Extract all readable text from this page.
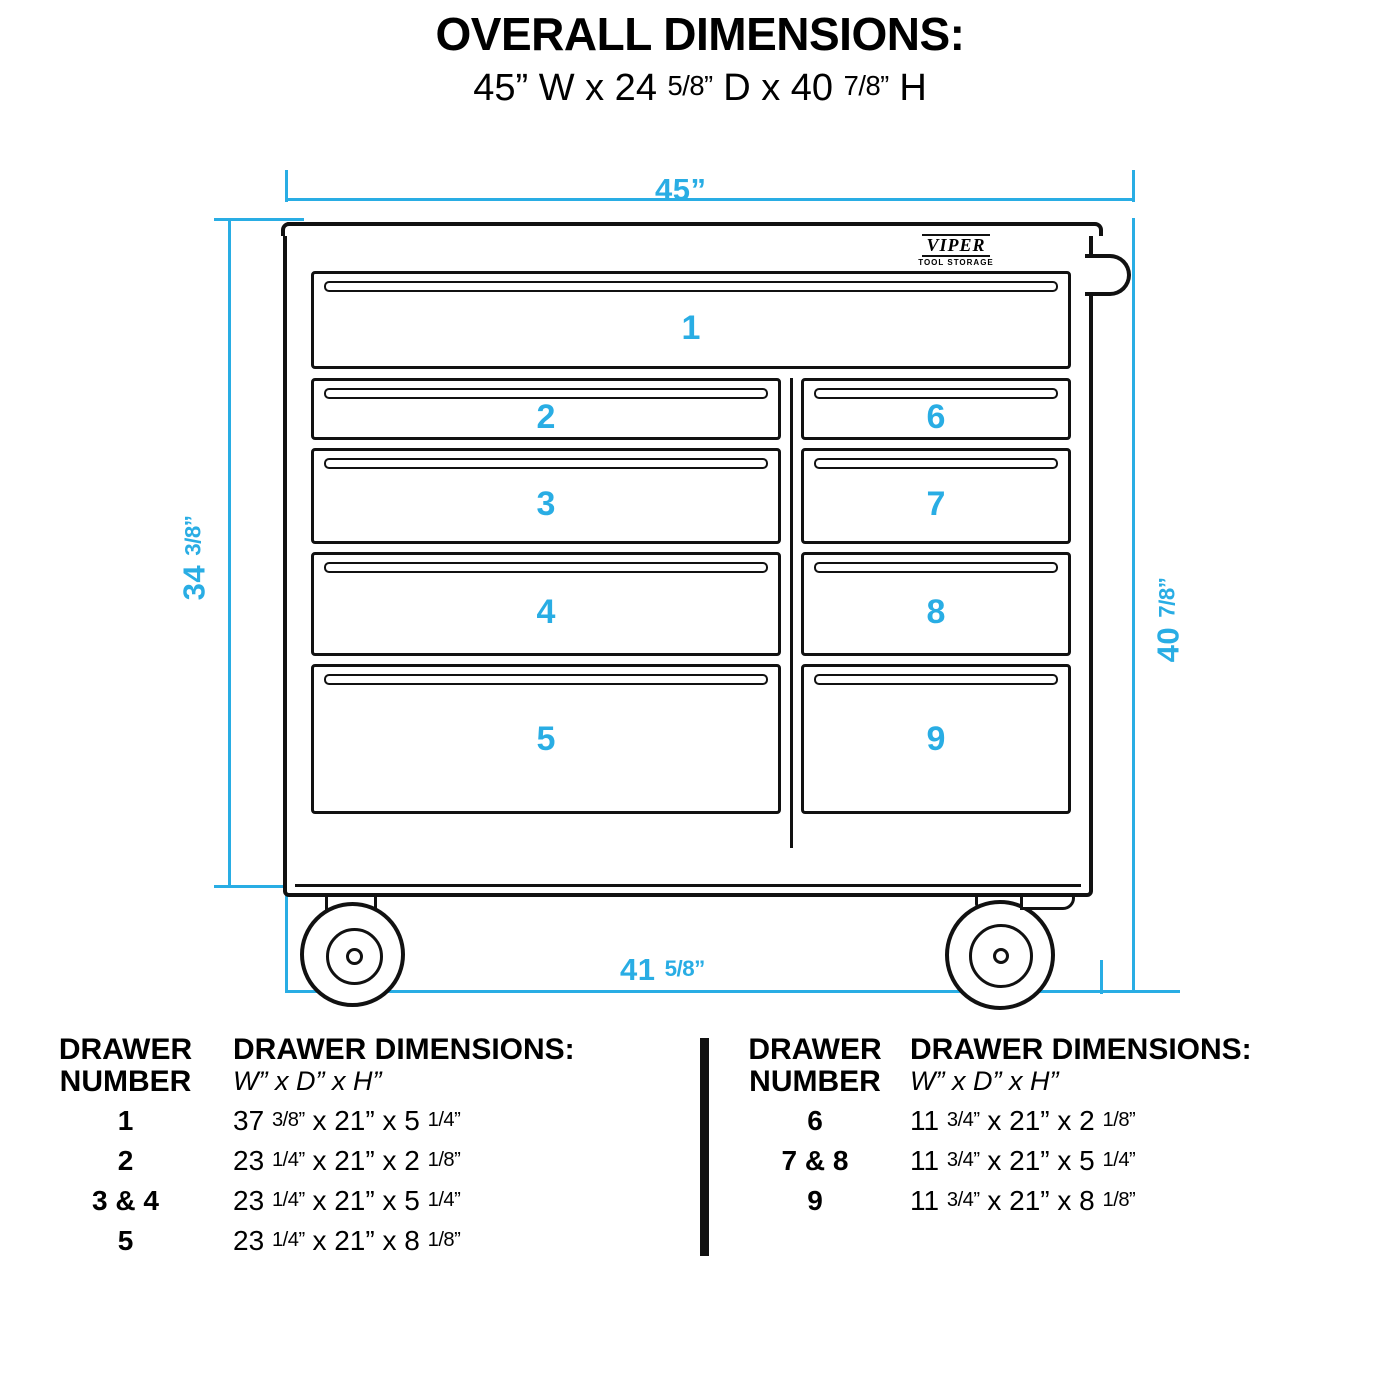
OVERALL DIMENSIONS:
45” W x 24 5/8” D x 40 7/8” H
45”
34 3/8”
40 7/8”
41 5/8”
VIPER
TOOL STORAGE
1
2
3
4
5
6
7
8
9
DRAWER
NUMBER

DRAWER DIMENSIONS:
W” x D” x H”

1	37 3/8” x 21” x 5 1/4”
2	23 1/4” x 21” x 2 1/8”
3 & 4	23 1/4” x 21” x 5 1/4”
5	23 1/4” x 21” x 8 1/8”
DRAWER
NUMBER

DRAWER DIMENSIONS:
W” x D” x H”

6	11 3/4” x 21” x 2 1/8”
7 & 8	11 3/4” x 21” x 5 1/4”
9	11 3/4” x 21” x 8 1/8”
